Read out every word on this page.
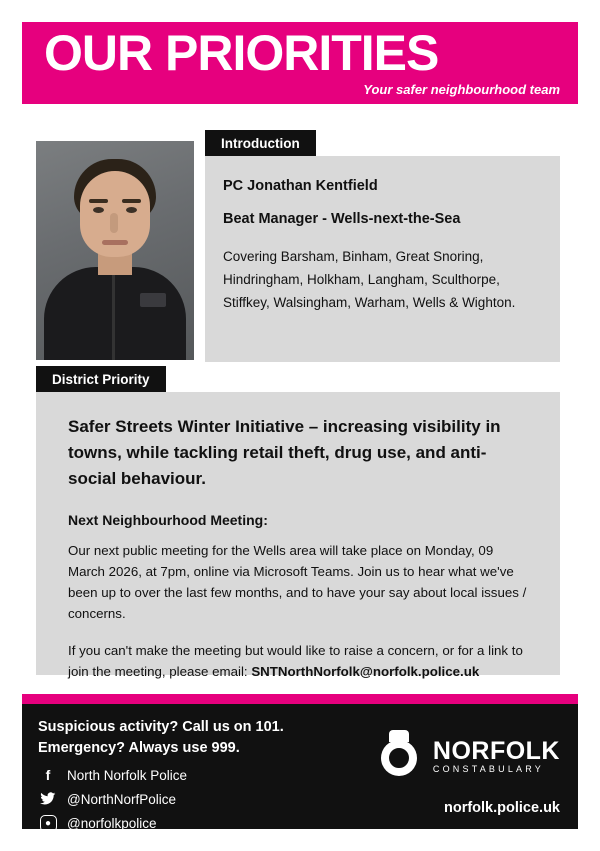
OUR PRIORITIES
Your safer neighbourhood team
Introduction
PC Jonathan Kentfield
Beat Manager - Wells-next-the-Sea
Covering Barsham, Binham, Great Snoring, Hindringham, Holkham, Langham, Sculthorpe, Stiffkey, Walsingham, Warham, Wells & Wighton.
District Priority
Safer Streets Winter Initiative – increasing visibility in towns, while tackling retail theft, drug use, and anti-social behaviour.
Next Neighbourhood Meeting:
Our next public meeting for the Wells area will take place on Monday, 09 March 2026, at 7pm, online via Microsoft Teams. Join us to hear what we've been up to over the last few months, and to have your say about local issues / concerns.
If you can't make the meeting but would like to raise a concern, or for a link to join the meeting, please email: SNTNorthNorfolk@norfolk.police.uk
Suspicious activity? Call us on 101.
Emergency? Always use 999.
f	North Norfolk Police
@NorthNorfPolice
●	@norfolkpolice
NORFOLK
CONSTABULARY
norfolk.police.uk
